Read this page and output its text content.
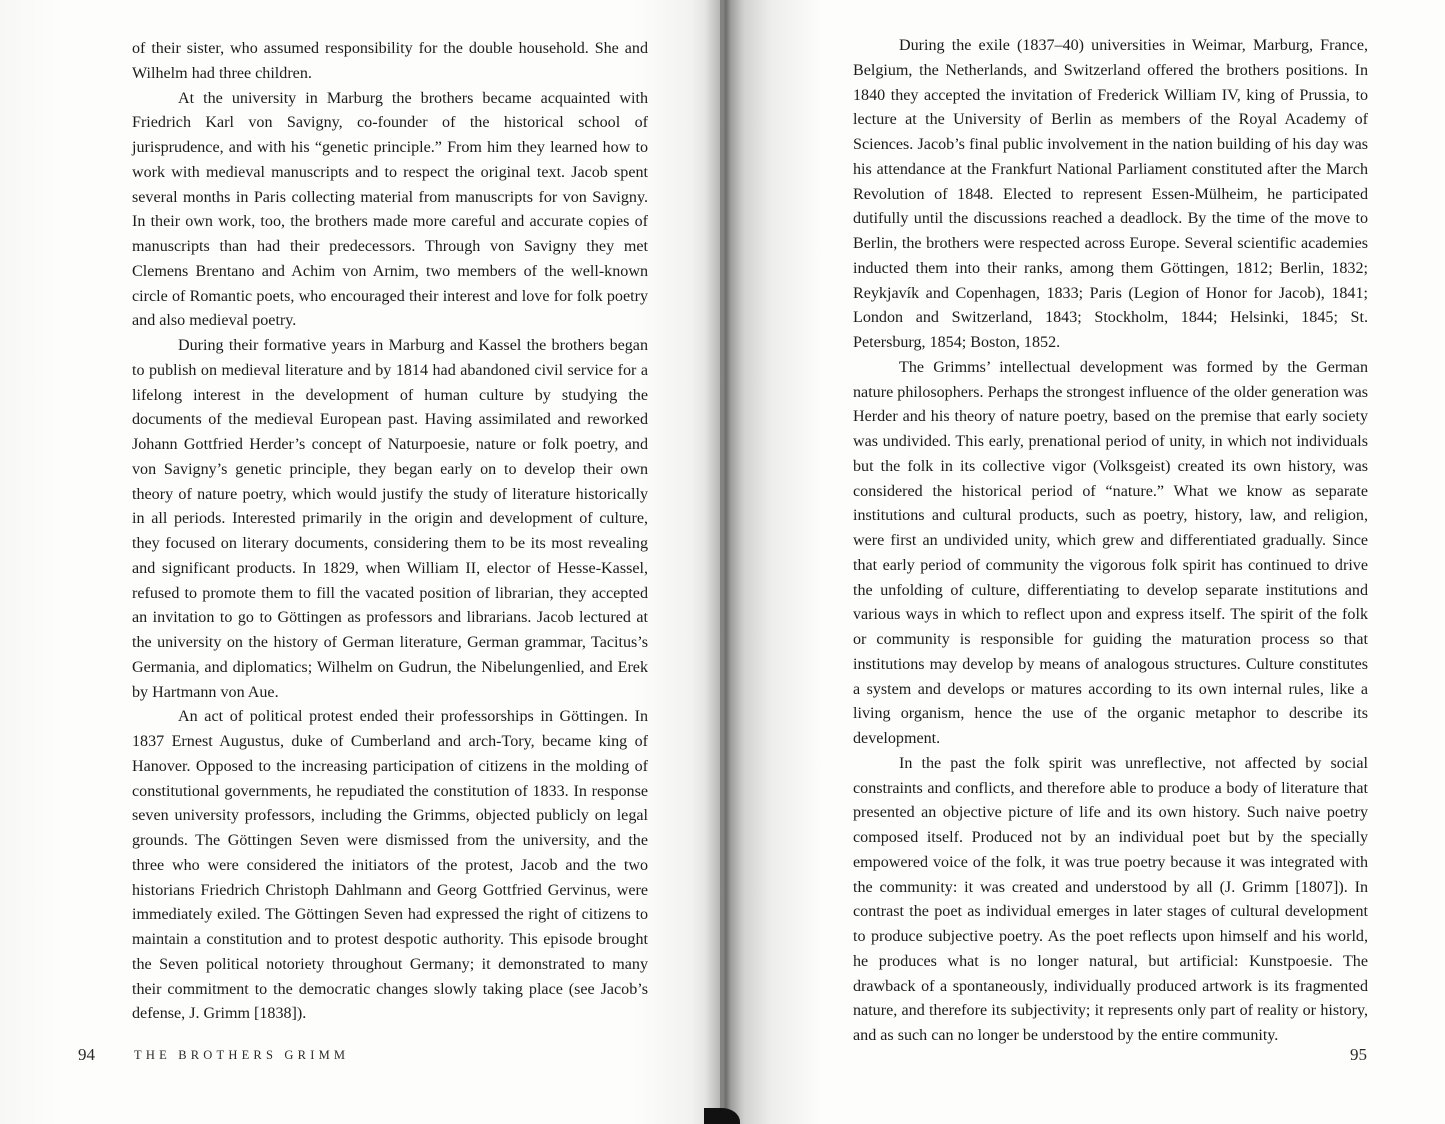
of their sister, who assumed responsibility for the double household. She and Wilhelm had three children.

At the university in Marburg the brothers became acquainted with Friedrich Karl von Savigny, co-founder of the historical school of jurisprudence, and with his “genetic principle.” From him they learned how to work with medieval manuscripts and to respect the original text. Jacob spent several months in Paris collecting material from manuscripts for von Savigny. In their own work, too, the brothers made more careful and accurate copies of manuscripts than had their predecessors. Through von Savigny they met Clemens Brentano and Achim von Arnim, two members of the well-known circle of Romantic poets, who encouraged their interest and love for folk poetry and also medieval poetry.

During their formative years in Marburg and Kassel the brothers began to publish on medieval literature and by 1814 had abandoned civil service for a lifelong interest in the development of human culture by studying the documents of the medieval European past. Having assimilated and reworked Johann Gottfried Herder’s concept of Naturpoesie, nature or folk poetry, and von Savigny’s genetic principle, they began early on to develop their own theory of nature poetry, which would justify the study of literature historically in all periods. Interested primarily in the origin and development of culture, they focused on literary documents, considering them to be its most revealing and significant products. In 1829, when William II, elector of Hesse-Kassel, refused to promote them to fill the vacated position of librarian, they accepted an invitation to go to Göttingen as professors and librarians. Jacob lectured at the university on the history of German literature, German grammar, Tacitus’s Germania, and diplomatics; Wilhelm on Gudrun, the Nibelungenlied, and Erek by Hartmann von Aue.

An act of political protest ended their professorships in Göttingen. In 1837 Ernest Augustus, duke of Cumberland and arch-Tory, became king of Hanover. Opposed to the increasing participation of citizens in the molding of constitutional governments, he repudiated the constitution of 1833. In response seven university professors, including the Grimms, objected publicly on legal grounds. The Göttingen Seven were dismissed from the university, and the three who were considered the initiators of the protest, Jacob and the two historians Friedrich Christoph Dahlmann and Georg Gottfried Gervinus, were immediately exiled. The Göttingen Seven had expressed the right of citizens to maintain a constitution and to protest despotic authority. This episode brought the Seven political notoriety throughout Germany; it demonstrated to many their commitment to the democratic changes slowly taking place (see Jacob’s defense, J. Grimm [1838]).

94	THE BROTHERS GRIMM

During the exile (1837–40) universities in Weimar, Marburg, France, Belgium, the Netherlands, and Switzerland offered the brothers positions. In 1840 they accepted the invitation of Frederick William IV, king of Prussia, to lecture at the University of Berlin as members of the Royal Academy of Sciences. Jacob’s final public involvement in the nation building of his day was his attendance at the Frankfurt National Parliament constituted after the March Revolution of 1848. Elected to represent Essen-Mülheim, he participated dutifully until the discussions reached a deadlock. By the time of the move to Berlin, the brothers were respected across Europe. Several scientific academies inducted them into their ranks, among them Göttingen, 1812; Berlin, 1832; Reykjavík and Copenhagen, 1833; Paris (Legion of Honor for Jacob), 1841; London and Switzerland, 1843; Stockholm, 1844; Helsinki, 1845; St. Petersburg, 1854; Boston, 1852.

The Grimms’ intellectual development was formed by the German nature philosophers. Perhaps the strongest influence of the older generation was Herder and his theory of nature poetry, based on the premise that early society was undivided. This early, prenational period of unity, in which not individuals but the folk in its collective vigor (Volksgeist) created its own history, was considered the historical period of “nature.” What we know as separate institutions and cultural products, such as poetry, history, law, and religion, were first an undivided unity, which grew and differentiated gradually. Since that early period of community the vigorous folk spirit has continued to drive the unfolding of culture, differentiating to develop separate institutions and various ways in which to reflect upon and express itself. The spirit of the folk or community is responsible for guiding the maturation process so that institutions may develop by means of analogous structures. Culture constitutes a system and develops or matures according to its own internal rules, like a living organism, hence the use of the organic metaphor to describe its development.

In the past the folk spirit was unreflective, not affected by social constraints and conflicts, and therefore able to produce a body of literature that presented an objective picture of life and its own history. Such naive poetry composed itself. Produced not by an individual poet but by the specially empowered voice of the folk, it was true poetry because it was integrated with the community: it was created and understood by all (J. Grimm [1807]). In contrast the poet as individual emerges in later stages of cultural development to produce subjective poetry. As the poet reflects upon himself and his world, he produces what is no longer natural, but artificial: Kunstpoesie. The drawback of a spontaneously, individually produced artwork is its fragmented nature, and therefore its subjectivity; it represents only part of reality or history, and as such can no longer be understood by the entire community.

95
